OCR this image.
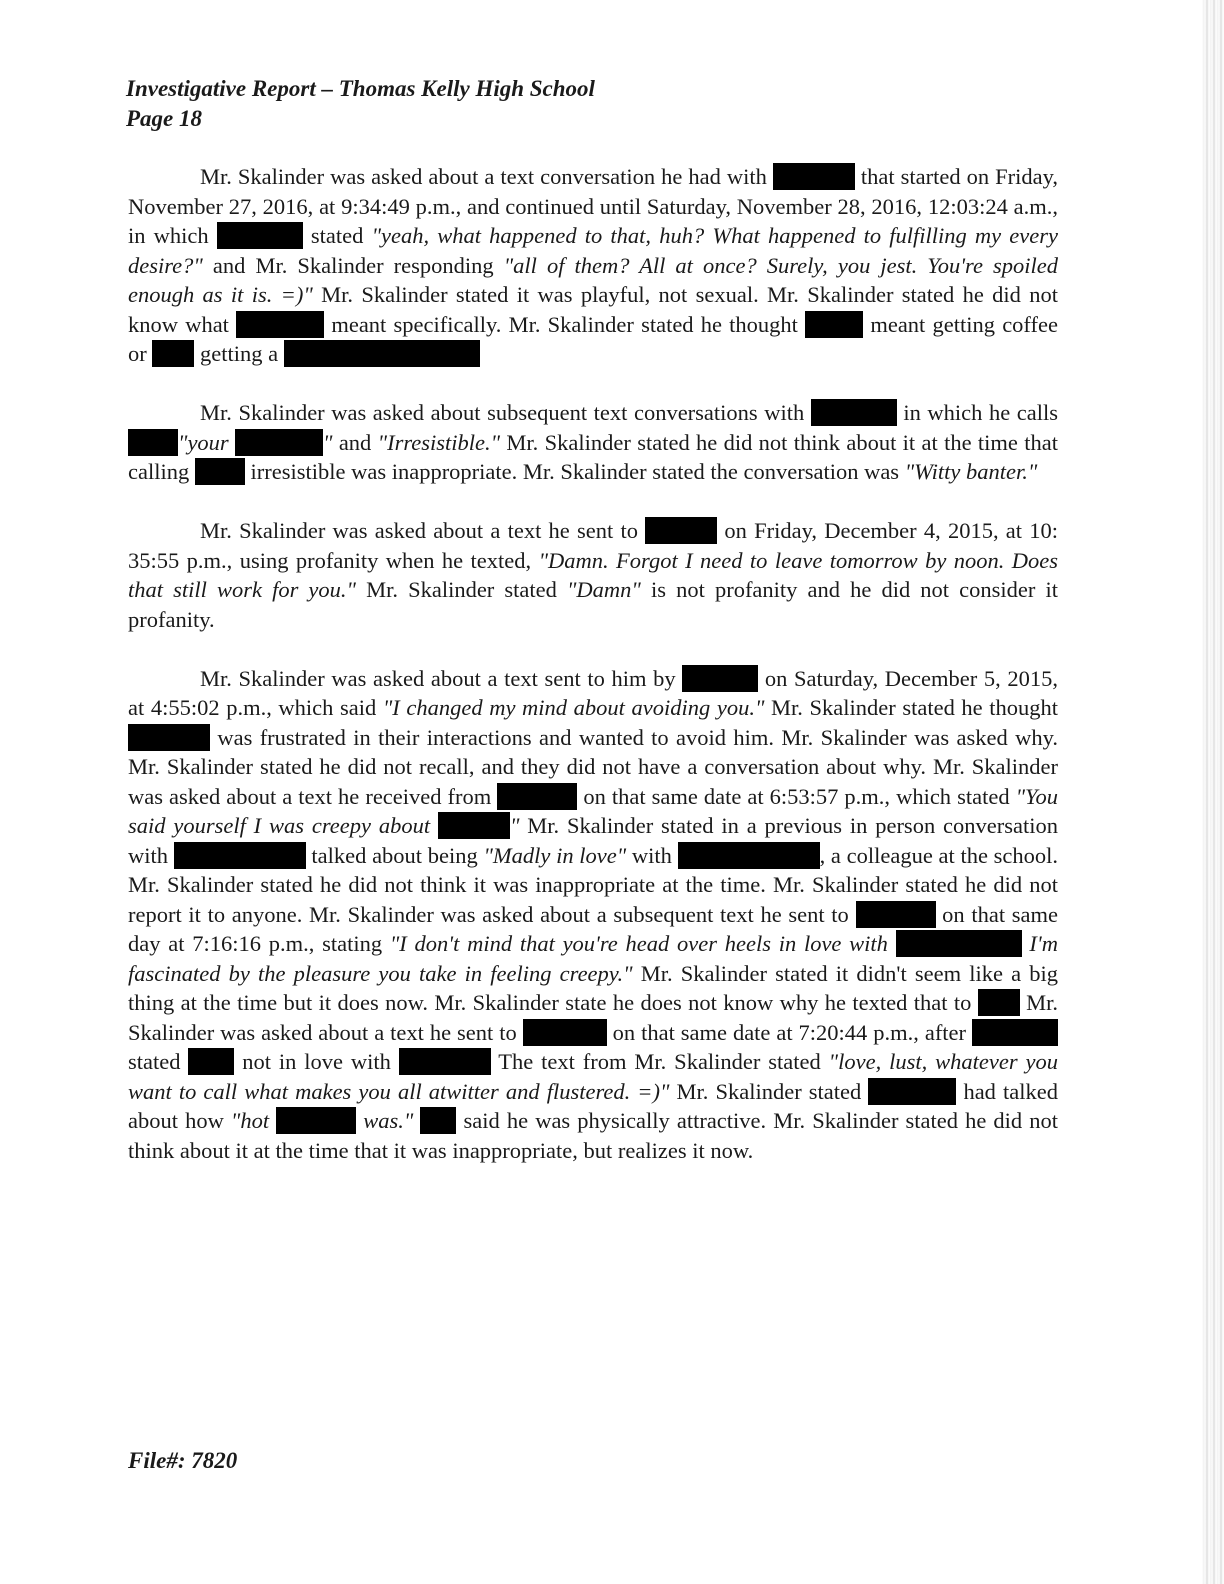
Investigative Report – Thomas Kelly High School
Page 18

Mr. Skalinder was asked about a text conversation he had with	that started on Friday, November 27, 2016, at 9:34:49 p.m., and continued until Saturday, November 28, 2016, 12:03:24 a.m., in which	stated "yeah, what happened to that, huh? What happened to fulfilling my every desire?" and Mr. Skalinder responding "all of them? All at once? Surely, you jest. You're spoiled enough as it is. =)" Mr. Skalinder stated it was playful, not sexual. Mr. Skalinder stated he did not know what	meant specifically. Mr. Skalinder stated he thought	meant getting coffee or  getting a

Mr. Skalinder was asked about subsequent text conversations with	in which he calls "your	" and "Irresistible." Mr. Skalinder stated he did not think about it at the time that calling  irresistible was inappropriate. Mr. Skalinder stated the conversation was "Witty banter."

Mr. Skalinder was asked about a text he sent to	on Friday, December 4, 2015, at 10: 35:55 p.m., using profanity when he texted, "Damn. Forgot I need to leave tomorrow by noon. Does that still work for you." Mr. Skalinder stated "Damn" is not profanity and he did not consider it profanity.

Mr. Skalinder was asked about a text sent to him by	on Saturday, December 5, 2015, at 4:55:02 p.m., which said "I changed my mind about avoiding you." Mr. Skalinder stated he thought  was frustrated in their interactions and wanted to avoid him. Mr. Skalinder was asked why. Mr. Skalinder stated he did not recall, and they did not have a conversation about why. Mr. Skalinder was asked about a text he received from	on that same date at 6:53:57 p.m., which stated "You said yourself I was creepy about	" Mr. Skalinder stated in a previous in person conversation with	talked about being "Madly in love" with	, a colleague at the school. Mr. Skalinder stated he did not think it was inappropriate at the time. Mr. Skalinder stated he did not report it to anyone. Mr. Skalinder was asked about a subsequent text he sent to	on that same day at 7:16:16 p.m., stating "I don't mind that you're head over heels in love with	I'm fascinated by the pleasure you take in feeling creepy." Mr. Skalinder stated it didn't seem like a big thing at the time but it does now. Mr. Skalinder state he does not know why he texted that to  Mr. Skalinder was asked about a text he sent to	on that same date at 7:20:44 p.m., after  stated  not in love with	The text from Mr. Skalinder stated "love, lust, whatever you want to call what makes you all atwitter and flustered. =)" Mr. Skalinder stated	had talked about how "hot	was."  said he was physically attractive. Mr. Skalinder stated he did not think about it at the time that it was inappropriate, but realizes it now.

File#: 7820
